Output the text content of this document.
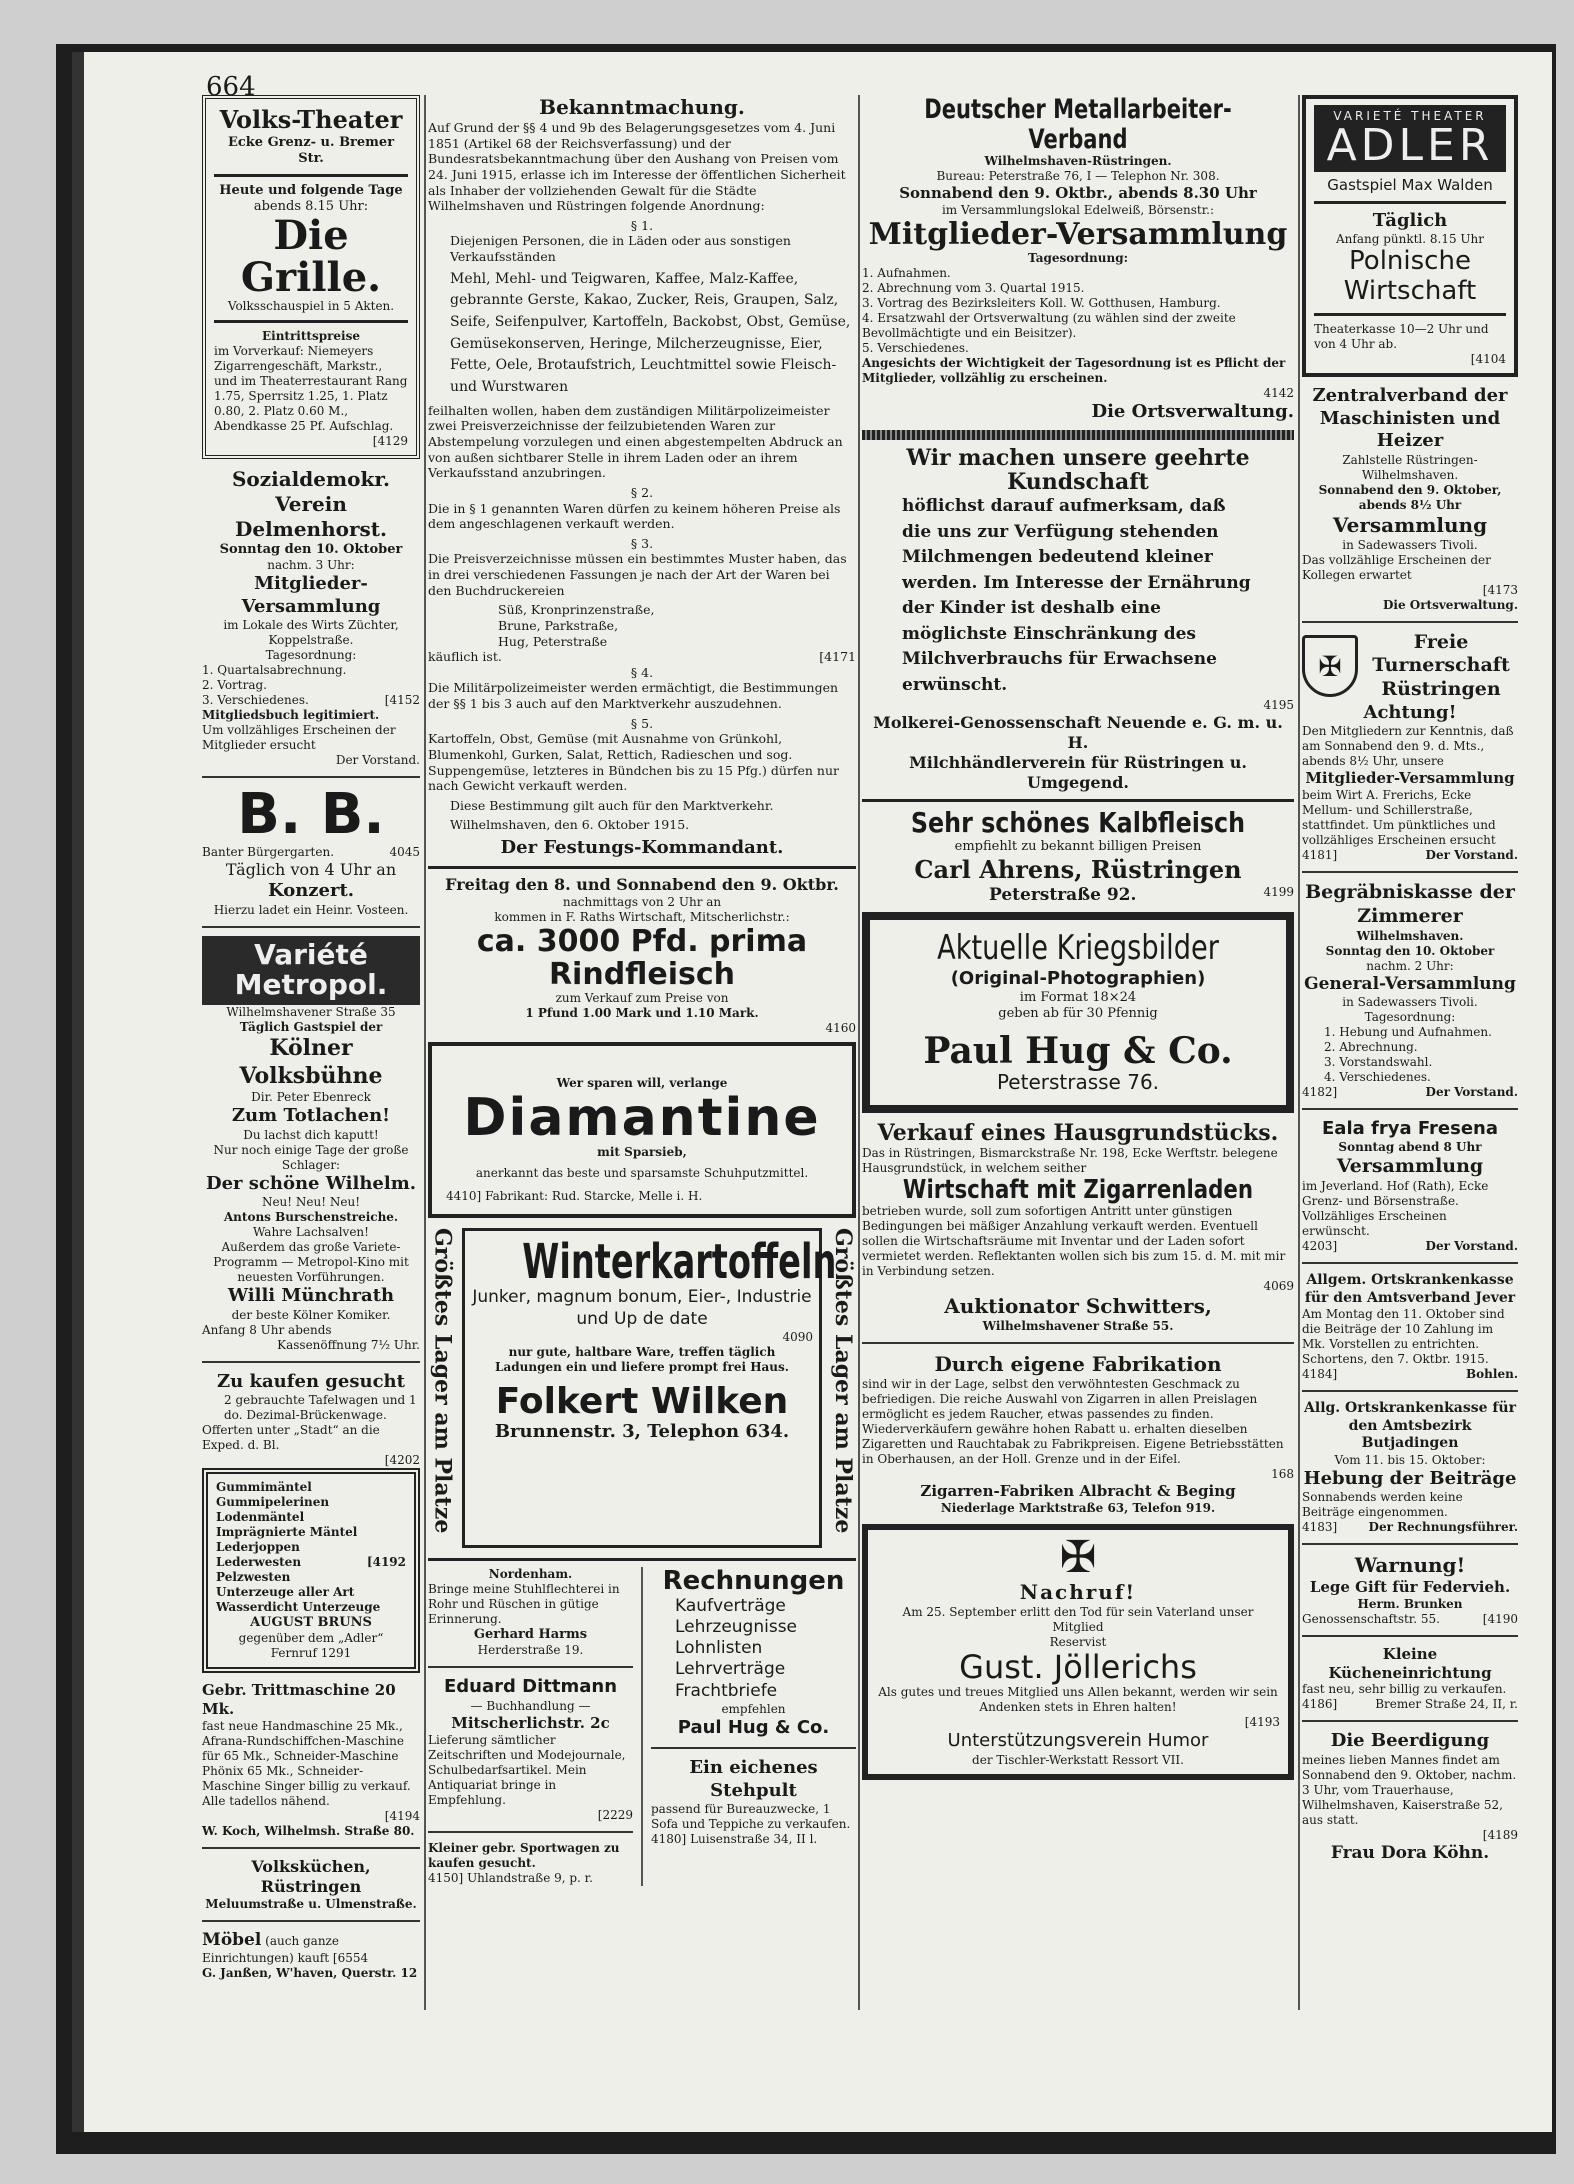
664
Volks-Theater
Ecke Grenz- u. Bremer Str.
Heute und folgende Tage
abends 8.15 Uhr:
Die Grille.
Volksschauspiel in 5 Akten.
Eintrittspreise
im Vorverkauf: Niemeyers Zigarrengeschäft, Markstr., und im Theaterrestaurant Rang 1.75, Sperrsitz 1.25, 1. Platz 0.80, 2. Platz 0.60 M., Abendkasse 25 Pf. Aufschlag.
[4129
Sozialdemokr. Verein Delmenhorst.
Sonntag den 10. Oktober
nachm. 3 Uhr:
Mitglieder-Versammlung
im Lokale des Wirts Züchter, Koppelstraße.
Tagesordnung:
1. Quartalsabrechnung.
2. Vortrag.
3. Verschiedenes.	[4152
Mitgliedsbuch legitimiert.
Um vollzähliges Erscheinen der Mitglieder ersucht
Der Vorstand.
B. B.
Banter Bürgergarten.	4045
Täglich von 4 Uhr an
Konzert.
Hierzu ladet ein Heinr. Vosteen.
Variété Metropol.
Wilhelmshavener Straße 35
Täglich Gastspiel der
Kölner Volksbühne
Dir. Peter Ebenreck
Zum Totlachen!
Du lachst dich kaputt!
Nur noch einige Tage der große Schlager:
Der schöne Wilhelm.
Neu! Neu! Neu!
Antons Burschenstreiche.
Wahre Lachsalven!
Außerdem das große Variete-Programm — Metropol-Kino mit neuesten Vorführungen.
Willi Münchrath
der beste Kölner Komiker.
Anfang 8 Uhr abends
Kassenöffnung 7½ Uhr.
Zu kaufen gesucht
2 gebrauchte Tafelwagen und 1 do. Dezimal-Brückenwage.
Offerten unter „Stadt“ an die Exped. d. Bl.
[4202
Gummimäntel
Gummipelerinen
Lodenmäntel
Imprägnierte Mäntel
Lederjoppen
Lederwesten	[4192
Pelzwesten
Unterzeuge aller Art
Wasserdicht Unterzeuge
AUGUST BRUNS
gegenüber dem „Adler“
Fernruf 1291
Gebr. Trittmaschine 20 Mk.
fast neue Handmaschine 25 Mk., Afrana-Rundschiffchen-Maschine für 65 Mk., Schneider-Maschine Phönix 65 Mk., Schneider-Maschine Singer billig zu verkauf. Alle tadellos nähend.
[4194
W. Koch, Wilhelmsh. Straße 80.
Volksküchen, Rüstringen
Meluumstraße u. Ulmenstraße.
Möbel (auch ganze Einrichtungen) kauft [6554
G. Janßen, W'haven, Querstr. 12
Bekanntmachung.

Auf Grund der §§ 4 und 9b des Belagerungsgesetzes vom 4. Juni 1851 (Artikel 68 der Reichsverfassung) und der Bundesratsbekanntmachung über den Aushang von Preisen vom 24. Juni 1915, erlasse ich im Interesse der öffentlichen Sicherheit als Inhaber der vollziehenden Gewalt für die Städte Wilhelmshaven und Rüstringen folgende Anordnung:

§ 1.

Diejenigen Personen, die in Läden oder aus sonstigen Verkaufsständen

Mehl, Mehl- und Teigwaren, Kaffee, Malz-Kaffee, gebrannte Gerste, Kakao, Zucker, Reis, Graupen, Salz, Seife, Seifenpulver, Kartoffeln, Backobst, Obst, Gemüse, Gemüsekonserven, Heringe, Milcherzeugnisse, Eier, Fette, Oele, Brotaufstrich, Leuchtmittel sowie Fleisch- und Wurstwaren

feilhalten wollen, haben dem zuständigen Militärpolizeimeister zwei Preisverzeichnisse der feilzubietenden Waren zur Abstempelung vorzulegen und einen abgestempelten Abdruck an von außen sichtbarer Stelle in ihrem Laden oder an ihrem Verkaufsstand anzubringen.

§ 2.

Die in § 1 genannten Waren dürfen zu keinem höheren Preise als dem angeschlagenen verkauft werden.

§ 3.

Die Preisverzeichnisse müssen ein bestimmtes Muster haben, das in drei verschiedenen Fassungen je nach der Art der Waren bei den Buchdruckereien

Süß, Kronprinzenstraße,
Brune, Parkstraße,
Hug, Peterstraße
käuflich ist.	[4171
§ 4.

Die Militärpolizeimeister werden ermächtigt, die Bestimmungen der §§ 1 bis 3 auch auf den Marktverkehr auszudehnen.

§ 5.

Kartoffeln, Obst, Gemüse (mit Ausnahme von Grünkohl, Blumenkohl, Gurken, Salat, Rettich, Radieschen und sog. Suppengemüse, letzteres in Bündchen bis zu 15 Pfg.) dürfen nur nach Gewicht verkauft werden.

Diese Bestimmung gilt auch für den Marktverkehr.

Wilhelmshaven, den 6. Oktober 1915.

Der Festungs-Kommandant.
Freitag den 8. und Sonnabend den 9. Oktbr.
nachmittags von 2 Uhr an
kommen in F. Raths Wirtschaft, Mitscherlichstr.:
ca. 3000 Pfd. prima Rindfleisch
zum Verkauf zum Preise von
1 Pfund 1.00 Mark und 1.10 Mark.
4160
Wer sparen will, verlange
Diamantine
mit Sparsieb,
anerkannt das beste und sparsamste Schuhputzmittel.
4410] Fabrikant: Rud. Starcke, Melle i. H.
Größtes Lager am Platze	Größtes Lager am Platze
Winterkartoffeln
Junker, magnum bonum, Eier-, Industrie und Up de date
4090
nur gute, haltbare Ware, treffen täglich
Ladungen ein und liefere prompt frei Haus.
Folkert Wilken
Brunnenstr. 3, Telephon 634.
Nordenham.
Bringe meine Stuhlflechterei in Rohr und Rüschen in gütige Erinnerung.
Gerhard Harms
Herderstraße 19.
Eduard Dittmann
— Buchhandlung —
Mitscherlichstr. 2c
Lieferung sämtlicher Zeitschriften und Modejournale, Schulbedarfsartikel. Mein Antiquariat bringe in Empfehlung.
[2229
Kleiner gebr. Sportwagen zu kaufen gesucht.
4150] Uhlandstraße 9, p. r.
Rechnungen
Kaufverträge
Lehrzeugnisse
Lohnlisten
Lehrverträge
Frachtbriefe
empfehlen
Paul Hug & Co.
Ein eichenes Stehpult
passend für Bureauzwecke, 1 Sofa und Teppiche zu verkaufen.
4180] Luisenstraße 34, II l.
Deutscher Metallarbeiter-Verband
Wilhelmshaven-Rüstringen.
Bureau: Peterstraße 76, I — Telephon Nr. 308.
Sonnabend den 9. Oktbr., abends 8.30 Uhr
im Versammlungslokal Edelweiß, Börsenstr.:
Mitglieder-Versammlung
Tagesordnung:
1. Aufnahmen.
2. Abrechnung vom 3. Quartal 1915.
3. Vortrag des Bezirksleiters Koll. W. Gotthusen, Hamburg.
4. Ersatzwahl der Ortsverwaltung (zu wählen sind der zweite Bevollmächtigte und ein Beisitzer).
5. Verschiedenes.
Angesichts der Wichtigkeit der Tagesordnung ist es Pflicht der Mitglieder, vollzählig zu erscheinen.
4142
Die Ortsverwaltung.
Wir machen unsere geehrte Kundschaft
höflichst darauf aufmerksam, daß die uns zur Verfügung stehenden Milchmengen bedeutend kleiner werden. Im Interesse der Ernährung der Kinder ist deshalb eine möglichste Einschränkung des Milchverbrauchs für Erwachsene erwünscht.
4195
Molkerei-Genossenschaft Neuende e. G. m. u. H.
Milchhändlerverein für Rüstringen u. Umgegend.
Sehr schönes Kalbfleisch
empfiehlt zu bekannt billigen Preisen
Carl Ahrens, Rüstringen
Peterstraße 92.	4199
Aktuelle Kriegsbilder
(Original-Photographien)
im Format 18×24
geben ab für 30 Pfennig
Paul Hug & Co.
Peterstrasse 76.
Verkauf eines Hausgrundstücks.
Das in Rüstringen, Bismarckstraße Nr. 198, Ecke Werftstr. belegene Hausgrundstück, in welchem seither
Wirtschaft mit Zigarrenladen
betrieben wurde, soll zum sofortigen Antritt unter günstigen Bedingungen bei mäßiger Anzahlung verkauft werden. Eventuell sollen die Wirtschaftsräume mit Inventar und der Laden sofort vermietet werden. Reflektanten wollen sich bis zum 15. d. M. mit mir in Verbindung setzen.
4069
Auktionator Schwitters,
Wilhelmshavener Straße 55.
Durch eigene Fabrikation
sind wir in der Lage, selbst den verwöhntesten Geschmack zu befriedigen. Die reiche Auswahl von Zigarren in allen Preislagen ermöglicht es jedem Raucher, etwas passendes zu finden. Wiederverkäufern gewähre hohen Rabatt u. erhalten dieselben Zigaretten und Rauchtabak zu Fabrikpreisen. Eigene Betriebsstätten in Oberhausen, an der Holl. Grenze und in der Eifel.
168
Zigarren-Fabriken Albracht & Beging
Niederlage Marktstraße 63, Telefon 919.
✠
Nachruf!
Am 25. September erlitt den Tod für sein Vaterland unser Mitglied
Reservist
Gust. Jöllerichs
Als gutes und treues Mitglied uns Allen bekannt, werden wir sein Andenken stets in Ehren halten!
[4193
Unterstützungsverein Humor
der Tischler-Werkstatt Ressort VII.
VARIETÉ THEATER
ADLER
Gastspiel Max Walden
Täglich
Anfang pünktl. 8.15 Uhr
Polnische Wirtschaft
Theaterkasse 10—2 Uhr und von 4 Uhr ab.
[4104
Zentralverband der Maschinisten und Heizer
Zahlstelle Rüstringen-Wilhelmshaven.
Sonnabend den 9. Oktober, abends 8½ Uhr
Versammlung
in Sadewassers Tivoli.
Das vollzählige Erscheinen der Kollegen erwartet
[4173
Die Ortsverwaltung.
✠
Freie Turnerschaft Rüstringen
Achtung!
Den Mitgliedern zur Kenntnis, daß am Sonnabend den 9. d. Mts., abends 8½ Uhr, unsere
Mitglieder-Versammlung
beim Wirt A. Frerichs, Ecke Mellum- und Schillerstraße, stattfindet. Um pünktliches und vollzähliges Erscheinen ersucht
4181]	Der Vorstand.
Begräbniskasse der Zimmerer
Wilhelmshaven.
Sonntag den 10. Oktober
nachm. 2 Uhr:
General-Versammlung
in Sadewassers Tivoli.
Tagesordnung:
1. Hebung und Aufnahmen.
2. Abrechnung.
3. Vorstandswahl.
4. Verschiedenes.
4182]	Der Vorstand.
Eala frya Fresena
Sonntag abend 8 Uhr
Versammlung
im Jeverland. Hof (Rath), Ecke Grenz- und Börsenstraße. Vollzähliges Erscheinen erwünscht.
4203]	Der Vorstand.
Allgem. Ortskrankenkasse für den Amtsverband Jever
Am Montag den 11. Oktober sind die Beiträge der 10 Zahlung im Mk. Vorstellen zu entrichten. Schortens, den 7. Oktbr. 1915.
4184]	Bohlen.
Allg. Ortskrankenkasse für den Amtsbezirk Butjadingen
Vom 11. bis 15. Oktober:
Hebung der Beiträge
Sonnabends werden keine Beiträge eingenommen.
4183]	Der Rechnungsführer.
Warnung!
Lege Gift für Federvieh.
Herm. Brunken
Genossenschaftstr. 55.	[4190
Kleine Kücheneinrichtung
fast neu, sehr billig zu verkaufen.
4186]	Bremer Straße 24, II, r.
Die Beerdigung
meines lieben Mannes findet am Sonnabend den 9. Oktober, nachm. 3 Uhr, vom Trauerhause, Wilhelmshaven, Kaiserstraße 52, aus statt.
[4189
Frau Dora Köhn.
